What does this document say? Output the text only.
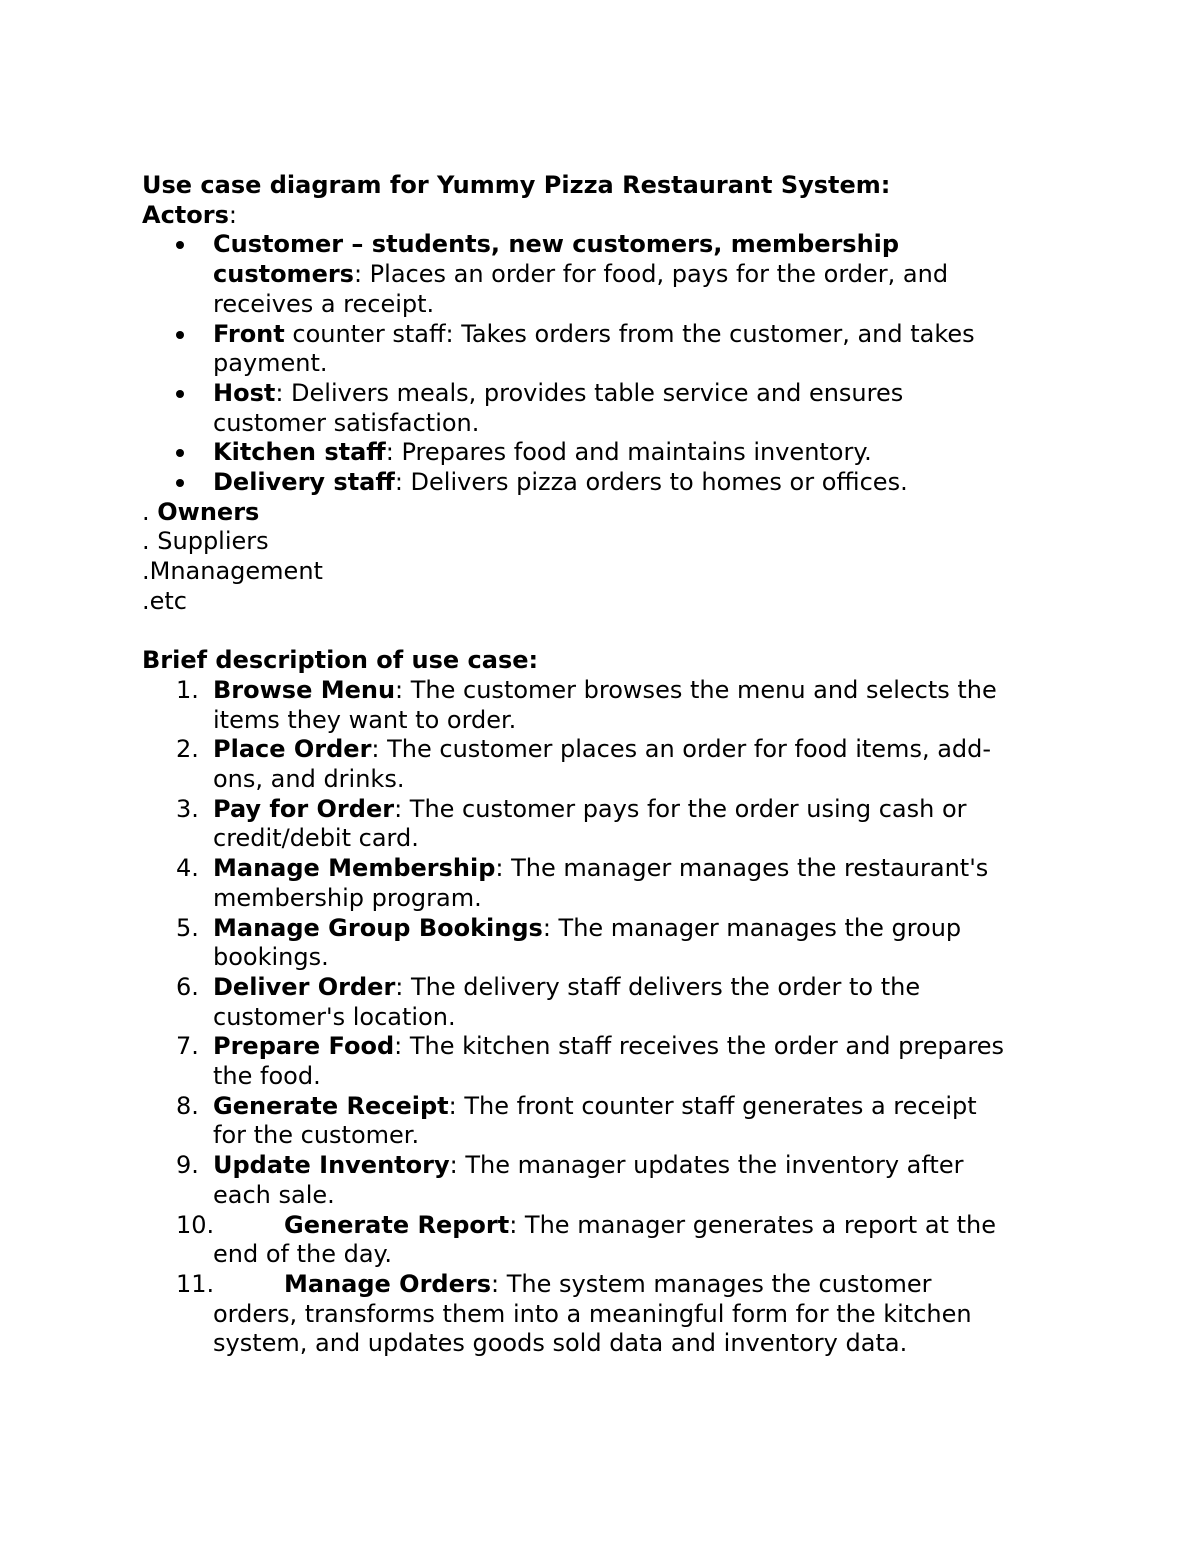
Use case diagram for Yummy Pizza Restaurant System:

Actors:

Customer – students, new customers, membership
customers: Places an order for food, pays for the order, and
receives a receipt.
Front counter staff: Takes orders from the customer, and takes
payment.
Host: Delivers meals, provides table service and ensures
customer satisfaction.
Kitchen staff: Prepares food and maintains inventory.
Delivery staff: Delivers pizza orders to homes or offices.

. Owners

. Suppliers

.Mnanagement

.etc

Brief description of use case:

1. Browse Menu: The customer browses the menu and selects the
items they want to order.
2. Place Order: The customer places an order for food items, add-
ons, and drinks.
3. Pay for Order: The customer pays for the order using cash or
credit/debit card.
4. Manage Membership: The manager manages the restaurant's
membership program.
5. Manage Group Bookings: The manager manages the group
bookings.
6. Deliver Order: The delivery staff delivers the order to the
customer's location.
7. Prepare Food: The kitchen staff receives the order and prepares
the food.
8. Generate Receipt: The front counter staff generates a receipt
for the customer.
9. Update Inventory: The manager updates the inventory after
each sale.
10.	Generate Report: The manager generates a report at the
end of the day.
11.	Manage Orders: The system manages the customer
orders, transforms them into a meaningful form for the kitchen
system, and updates goods sold data and inventory data.
